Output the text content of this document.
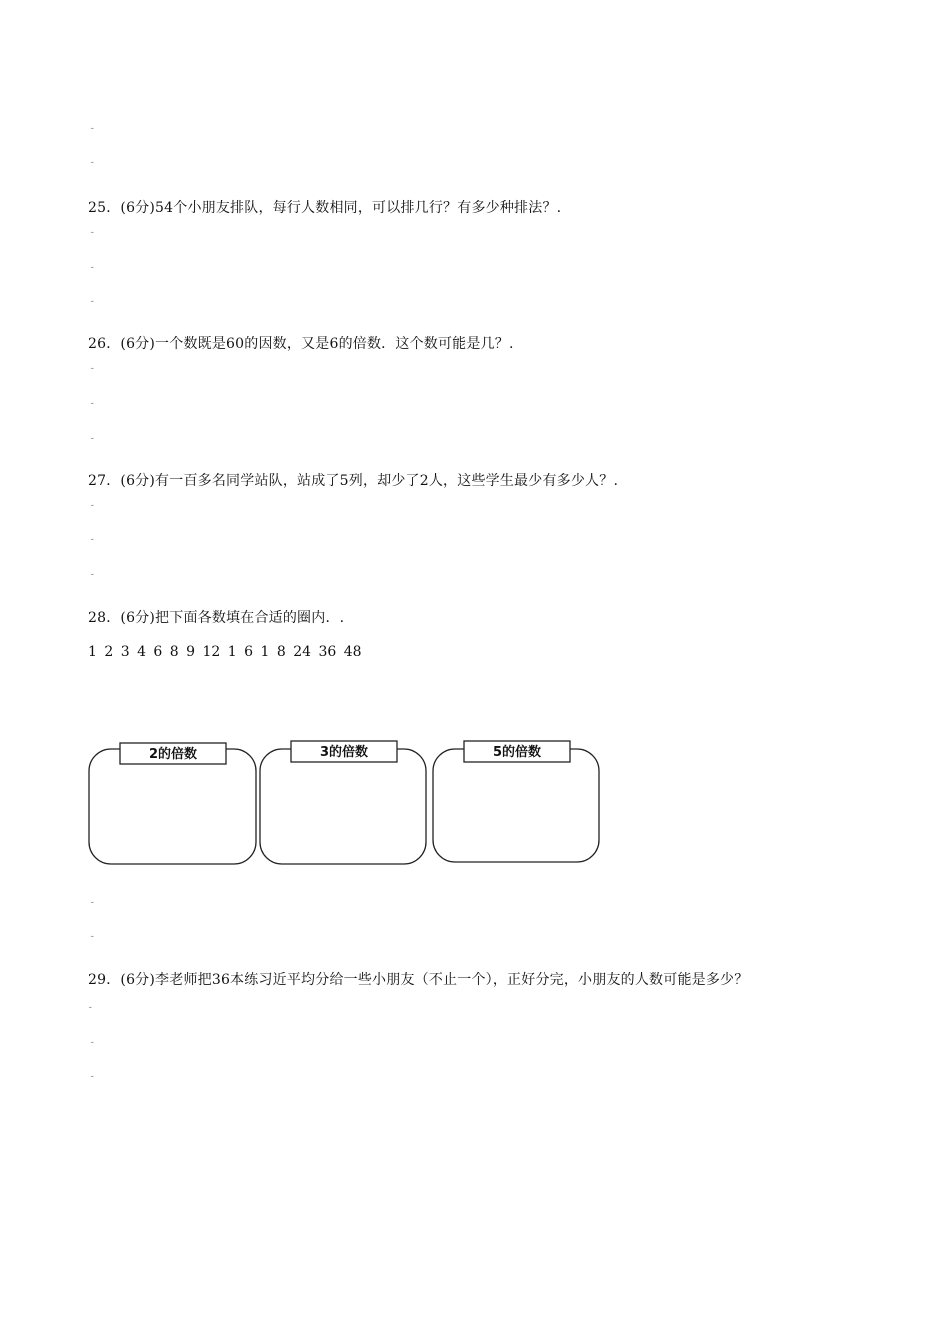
ˍ
ˍ
25．(6分)54个小朋友排队，每行人数相同，可以排几行？有多少种排法？.
ˍ
ˍ
ˍ
26．(6分)一个数既是60的因数，又是6的倍数．这个数可能是几？.
ˍ
ˍ
ˍ
27．(6分)有一百多名同学站队，站成了5列，却少了2人，这些学生最少有多少人？.
ˍ
ˍ
ˍ
28．(6分)把下面各数填在合适的圈内．.
1 2 3 4 6 8 9 12 1 6 1 8 24 36 48
2的倍数	3的倍数	5的倍数
ˍ
ˍ
29．(6分)李老师把36本练习近平均分给一些小朋友（不止一个），正好分完，小朋友的人数可能是多少？
ˍ
ˍ
ˍ
